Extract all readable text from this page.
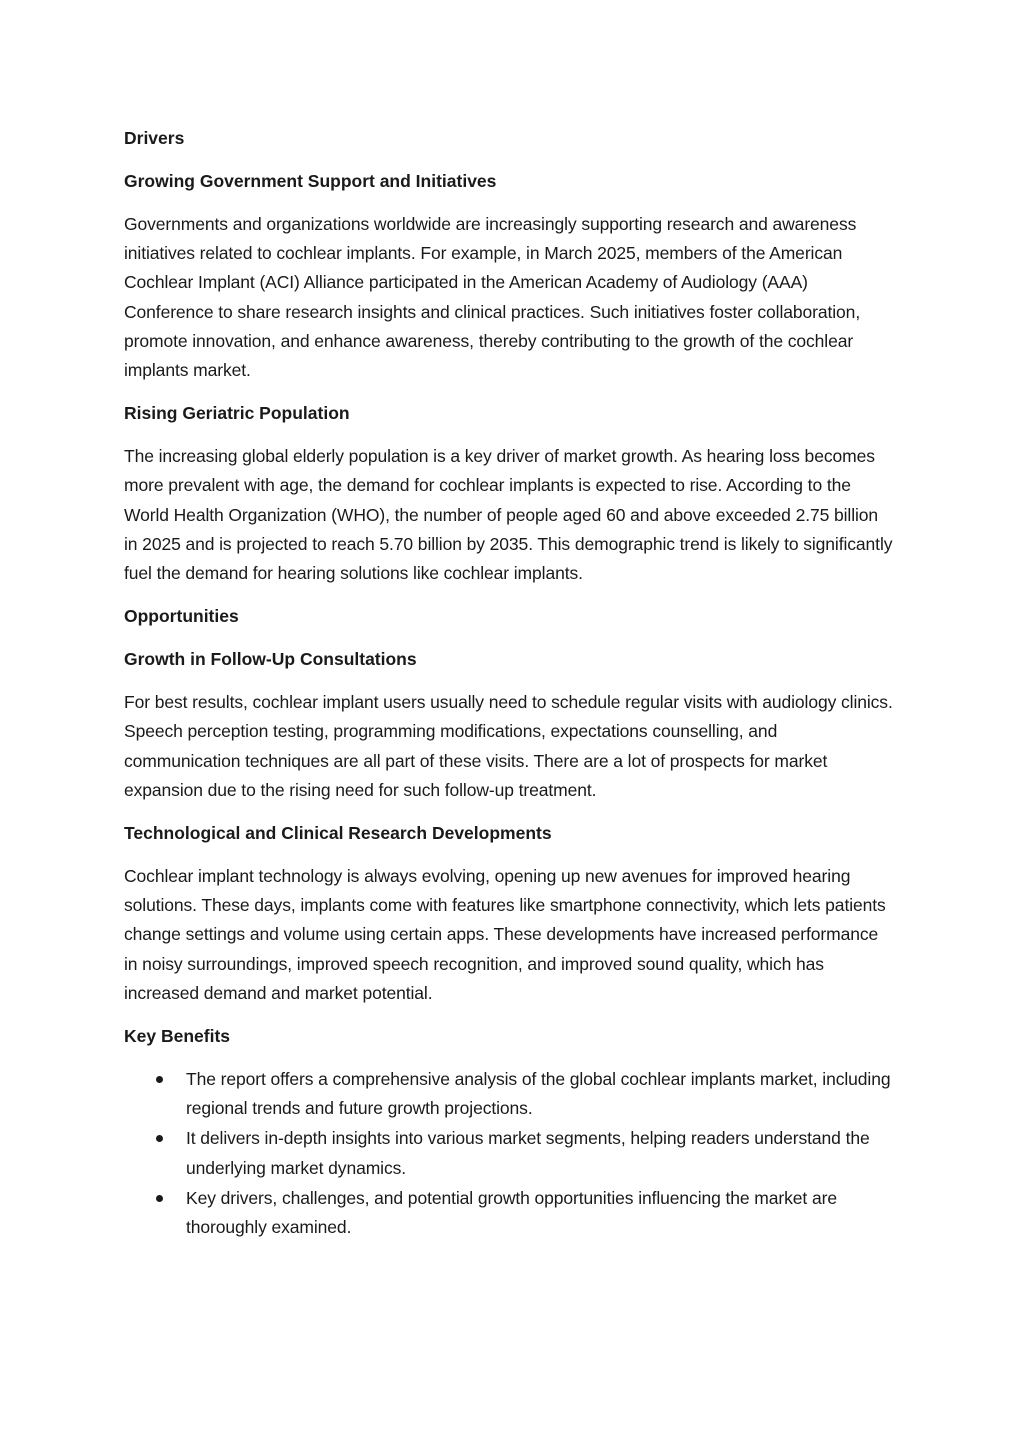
Drivers
Growing Government Support and Initiatives

Governments and organizations worldwide are increasingly supporting research and awareness initiatives related to cochlear implants. For example, in March 2025, members of the American Cochlear Implant (ACI) Alliance participated in the American Academy of Audiology (AAA) Conference to share research insights and clinical practices. Such initiatives foster collaboration, promote innovation, and enhance awareness, thereby contributing to the growth of the cochlear implants market.

Rising Geriatric Population

The increasing global elderly population is a key driver of market growth. As hearing loss becomes more prevalent with age, the demand for cochlear implants is expected to rise. According to the World Health Organization (WHO), the number of people aged 60 and above exceeded 2.75 billion in 2025 and is projected to reach 5.70 billion by 2035. This demographic trend is likely to significantly fuel the demand for hearing solutions like cochlear implants.

Opportunities
Growth in Follow-Up Consultations

For best results, cochlear implant users usually need to schedule regular visits with audiology clinics. Speech perception testing, programming modifications, expectations counselling, and communication techniques are all part of these visits. There are a lot of prospects for market expansion due to the rising need for such follow-up treatment.

Technological and Clinical Research Developments

Cochlear implant technology is always evolving, opening up new avenues for improved hearing solutions. These days, implants come with features like smartphone connectivity, which lets patients change settings and volume using certain apps. These developments have increased performance in noisy surroundings, improved speech recognition, and improved sound quality, which has increased demand and market potential.

Key Benefits
The report offers a comprehensive analysis of the global cochlear implants market, including regional trends and future growth projections.
It delivers in-depth insights into various market segments, helping readers understand the underlying market dynamics.
Key drivers, challenges, and potential growth opportunities influencing the market are thoroughly examined.
